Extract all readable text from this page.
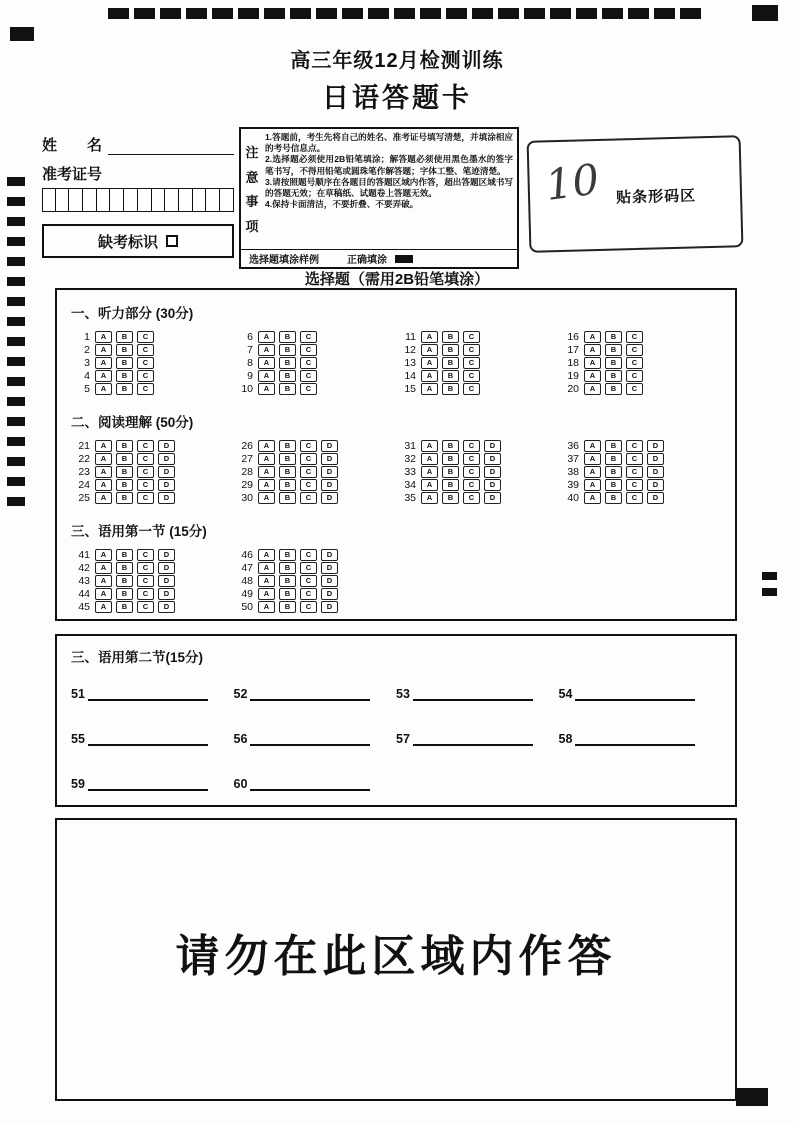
高三年级12月检测训练
日语答题卡
姓　　名
准考证号
缺考标识
注意事项
1.答题前，考生先将自己的姓名、准考证号填写清楚，并填涂相应的考号信息点。
2.选择题必须使用2B铅笔填涂；解答题必须使用黑色墨水的签字笔书写，不得用铅笔或圆珠笔作解答题；字体工整、笔迹清楚。
3.请按照题号顺序在各题目的答题区域内作答，超出答题区域书写的答题无效；在草稿纸、试题卷上答题无效。
4.保持卡面清洁，不要折叠、不要弄破。
选择题填涂样例	正确填涂
10 贴条形码区
选择题（需用2B铅笔填涂）
一、听力部分 (30分)
1	A	B	C
2	A	B	C
3	A	B	C
4	A	B	C
5	A	B	C
6	A	B	C
7	A	B	C
8	A	B	C
9	A	B	C
10	A	B	C
11	A	B	C
12	A	B	C
13	A	B	C
14	A	B	C
15	A	B	C
16	A	B	C
17	A	B	C
18	A	B	C
19	A	B	C
20	A	B	C
二、阅读理解 (50分)
21	A	B	C	D
22	A	B	C	D
23	A	B	C	D
24	A	B	C	D
25	A	B	C	D
26	A	B	C	D
27	A	B	C	D
28	A	B	C	D
29	A	B	C	D
30	A	B	C	D
31	A	B	C	D
32	A	B	C	D
33	A	B	C	D
34	A	B	C	D
35	A	B	C	D
36	A	B	C	D
37	A	B	C	D
38	A	B	C	D
39	A	B	C	D
40	A	B	C	D
三、语用第一节 (15分)
41	A	B	C	D
42	A	B	C	D
43	A	B	C	D
44	A	B	C	D
45	A	B	C	D
46	A	B	C	D
47	A	B	C	D
48	A	B	C	D
49	A	B	C	D
50	A	B	C	D
三、语用第二节(15分)
51	52	53	54
55	56	57	58
59	60
请勿在此区域内作答
